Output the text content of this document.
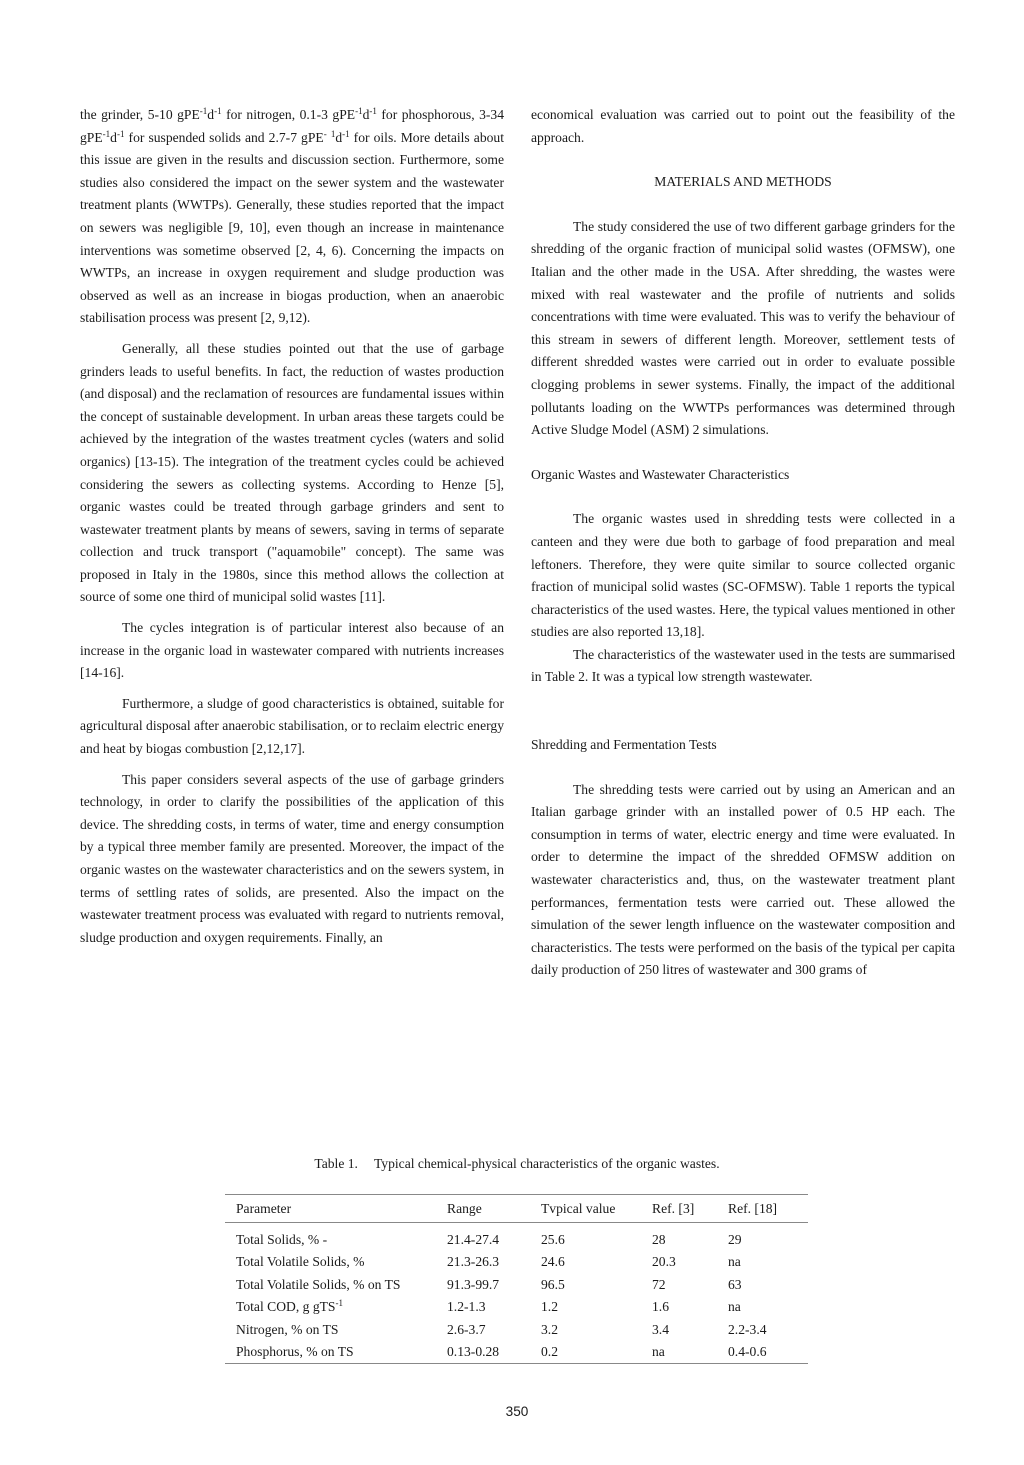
the grinder, 5-10 $gPE^{-1}d^{-1}$ for nitrogen, 0.1-3 $gPE^{-1}d^{-1}$ for phosphorous, 3-34 $gPE^{-1}d^{-1}$ for suspended solids and 2.7-7 gPE- $^1d^{-1}$ for oils. More details about this issue are given in the results and discussion section. Furthermore, some studies also considered the impact on the sewer system and the wastewater treatment plants (WWTPs). Generally, these studies reported that the impact on sewers was negligible [9, 10], even though an increase in maintenance interventions was sometime observed [2, 4, 6). Concerning the impacts on WWTPs, an increase in oxygen requirement and sludge production was observed as well as an increase in biogas production, when an anaerobic stabilisation process was present [2, 9,12).

Generally, all these studies pointed out that the use of garbage grinders leads to useful benefits. In fact, the reduction of wastes production (and disposal) and the reclamation of resources are fundamental issues within the concept of sustainable development. In urban areas these targets could be achieved by the integration of the wastes treatment cycles (waters and solid organics) [13-15). The integration of the treatment cycles could be achieved considering the sewers as collecting systems. According to Henze [5], organic wastes could be treated through garbage grinders and sent to wastewater treatment plants by means of sewers, saving in terms of separate collection and truck transport ("aquamobile" concept). The same was proposed in Italy in the 1980s, since this method allows the collection at source of some one third of municipal solid wastes [11].

The cycles integration is of particular interest also because of an increase in the organic load in wastewater compared with nutrients increases [14-16].

Furthermore, a sludge of good characteristics is obtained, suitable for agricultural disposal after anaerobic stabilisation, or to reclaim electric energy and heat by biogas combustion [2,12,17].

This paper considers several aspects of the use of garbage grinders technology, in order to clarify the possibilities of the application of this device. The shredding costs, in terms of water, time and energy consumption by a typical three member family are presented. Moreover, the impact of the organic wastes on the wastewater characteristics and on the sewers system, in terms of settling rates of solids, are presented. Also the impact on the wastewater treatment process was evaluated with regard to nutrients removal, sludge production and oxygen requirements. Finally, an

economical evaluation was carried out to point out the feasibility of the approach.

MATERIALS AND METHODS

The study considered the use of two different garbage grinders for the shredding of the organic fraction of municipal solid wastes (OFMSW), one Italian and the other made in the USA. After shredding, the wastes were mixed with real wastewater and the profile of nutrients and solids concentrations with time were evaluated. This was to verify the behaviour of this stream in sewers of different length. Moreover, settlement tests of different shredded wastes were carried out in order to evaluate possible clogging problems in sewer systems. Finally, the impact of the additional pollutants loading on the WWTPs performances was determined through Active Sludge Model (ASM) 2 simulations.

Organic Wastes and Wastewater Characteristics

The organic wastes used in shredding tests were collected in a canteen and they were due both to garbage of food preparation and meal leftoners. Therefore, they were quite similar to source collected organic fraction of municipal solid wastes (SC-OFMSW). Table 1 reports the typical characteristics of the used wastes. Here, the typical values mentioned in other studies are also reported 13,18].

The characteristics of the wastewater used in the tests are summarised in Table 2. It was a typical low strength wastewater.

Shredding and Fermentation Tests

The shredding tests were carried out by using an American and an Italian garbage grinder with an installed power of 0.5 HP each. The consumption in terms of water, electric energy and time were evaluated. In order to determine the impact of the shredded OFMSW addition on wastewater characteristics and, thus, on the wastewater treatment plant performances, fermentation tests were carried out. These allowed the simulation of the sewer length influence on the wastewater composition and characteristics. The tests were performed on the basis of the typical per capita daily production of 250 litres of wastewater and 300 grams of

Table 1. Typical chemical-physical characteristics of the organic wastes.
Parameter	Range	Tvpical value	Ref. [3]	Ref. [18]
Total Solids, % -	21.4-27.4	25.6	28	29
Total Volatile Solids, %	21.3-26.3	24.6	20.3	na
Total Volatile Solids, % on TS	91.3-99.7	96.5	72	63
Total COD, g gTS$^{-1}$	1.2-1.3	1.2	1.6	na
Nitrogen, % on TS	2.6-3.7	3.2	3.4	2.2-3.4
Phosphorus, % on TS	0.13-0.28	0.2	na	0.4-0.6
350
